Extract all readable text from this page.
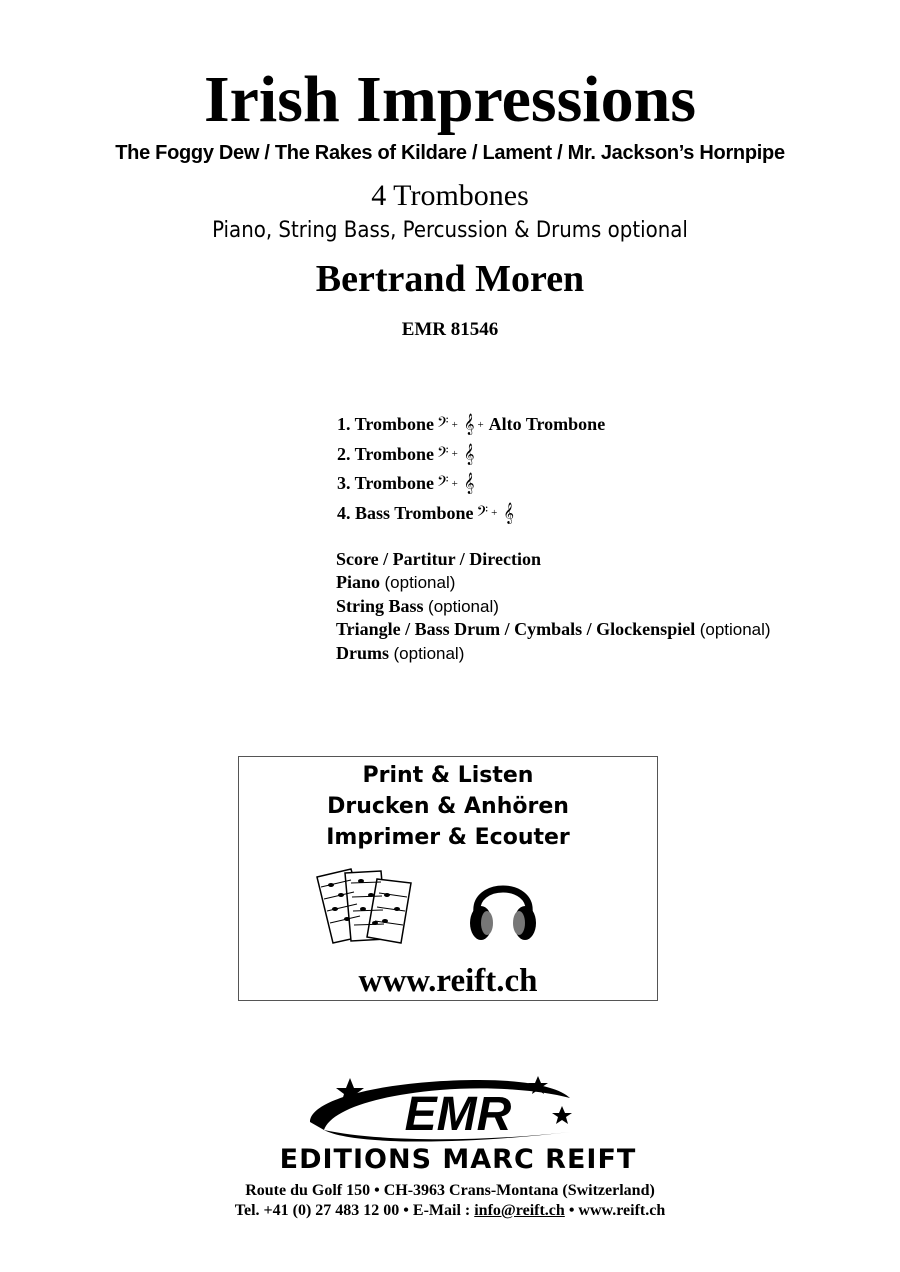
Irish Impressions
The Foggy Dew / The Rakes of Kildare / Lament / Mr. Jackson’s Hornpipe
4 Trombones
Piano, String Bass, Percussion & Drums optional
Bertrand Moren
EMR 81546
1. Trombone 𝄢 + 𝄞 + Alto Trombone
2. Trombone 𝄢 + 𝄞
3. Trombone 𝄢 + 𝄞
4. Bass Trombone 𝄢 + 𝄞
Score / Partitur / Direction
Piano (optional)
String Bass (optional)
Triangle / Bass Drum / Cymbals / Glockenspiel (optional)
Drums (optional)
Print & Listen
Drucken & Anhören
Imprimer & Ecouter
www.reift.ch
EMR
EDITIONS MARC REIFT
Route du Golf 150 • CH-3963 Crans-Montana (Switzerland)
Tel. +41 (0) 27 483 12 00 • E-Mail : info@reift.ch • www.reift.ch
